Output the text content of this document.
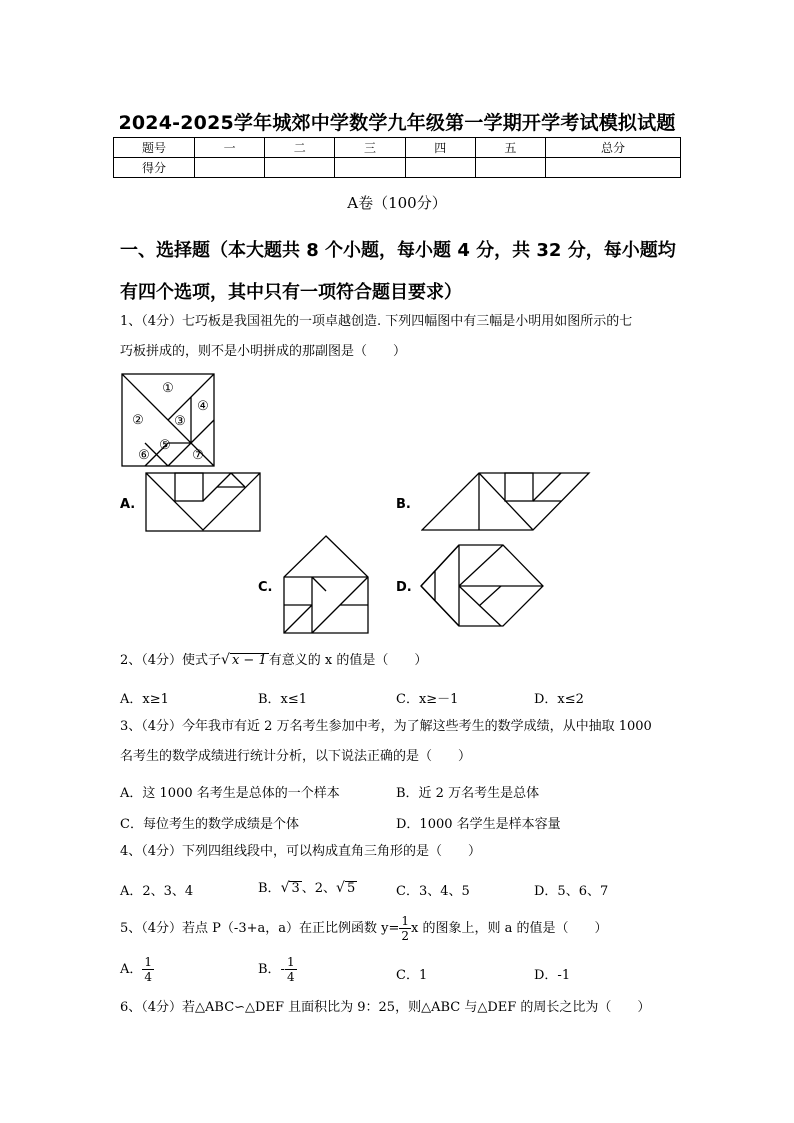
2024-2025学年城郊中学数学九年级第一学期开学考试模拟试题
题号	一	二	三	四	五	总分
得分						
A卷（100分）
一、选择题（本大题共 8 个小题，每小题 4 分，共 32 分，每小题均
有四个选项，其中只有一项符合题目要求）
1、（4分）七巧板是我国祖先的一项卓越创造. 下列四幅图中有三幅是小明用如图所示的七
巧板拼成的，则不是小明拼成的那副图是（　　）
①
② ③
④
⑤
⑥	⑦
A.	B.
C.	D.
2、（4分）使式子√ x − 1 有意义的 x 的值是（　　）
A．x≥1	B．x≤1	C．x≥－1	D．x≤2
3、（4分）今年我市有近 2 万名考生参加中考，为了解这些考生的数学成绩，从中抽取 1000
名考生的数学成绩进行统计分析，以下说法正确的是（　　）
A．这 1000 名考生是总体的一个样本	B．近 2 万名考生是总体
C．每位考生的数学成绩是个体	D．1000 名学生是样本容量
4、（4分）下列四组线段中，可以构成直角三角形的是（　　）
A．2、3、4	B．√ 3 、2、√ 5	C．3、4、5	D．5、6、7
5、（4分）若点 P（-3+a，a）在正比例函数 $y= \frac{1}{2}$ x 的图象上，则 a 的值是（　　）
A． $\frac{1}{4}$	B．- $\frac{1}{4}$	C．1	D．-1
6、（4分）若△ABC∽△DEF 且面积比为 9：25，则△ABC 与△DEF 的周长之比为（　　）
